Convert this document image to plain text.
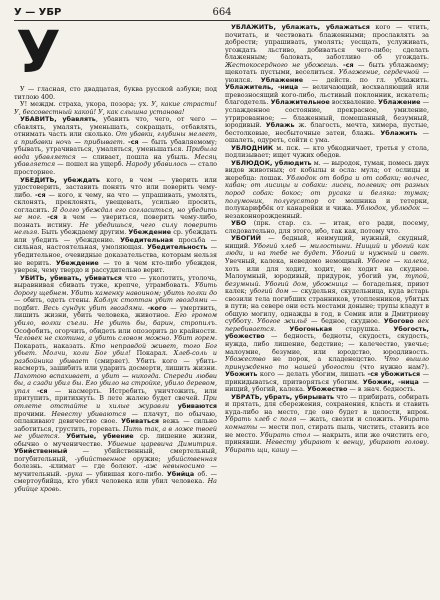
У — УБР	664
У

У — гласная, сто двадцатая, буква русской азбуки; под титлою 400.

У! междм. страха, укора, позора; ух. У, какие страсти! У, бессовестный какой! У, как слышна установа!

УБАВИТЬ, убавлять, убавить что, чего, от чего — сбавлять, умалять, уменьшать, сокращать, отбавлять, отнимать часть или сколько. От убавки, глубины мелеет, а прибавки ночь — прибывает. -ся — быть убавляемому; убывать, утрачиваться, умаляться, уменьшаться. Прибыла вода убавляется — сливает, пошла на убыль. Месяц убавляется — пошел на ущерб. Народу убавилось — стало просторнее.

УБЕДИТЬ, убеждать кого, в чем — уверить или удостоверить, заставить понять что или поверить чему-либо. -ся — кого, к чему, на что — упрашивать, умолять, склонять, преклонять, увещевать, усильно просить, согласить. Я долго убеждал его согласиться, но убедить не мог. -ся в чем — увериться, поверить чему-либо, познать истину. Не убедишься, чего силу поверить нельзя. Быть убеждаему другим. Убеждение ср. убеждать или убедить — убеждение. Убедительная просьба — сильная, настоятельная, умоляющая. Убедительность — убедительное, очевидные доказательства, которым нельзя не верить. Убеждение — то в чем кто-либо убежден, уверен, чему твердо и рассудительно верит.

УБИТЬ, убивать, убиваться что — уколотить, утолочь, выравнивая сбивать туже, крепче, утрамбовать. Убить дорогу щебнем. Убить каменку навоином; убить полки до — обить, одеть стены. Каблук стоптан убит гвоздями — подбит. Весь сундук убит гвоздями. -кого — умертвить, лишить жизни, убить человека, животное. Его громом убило, волки съели. Не убить бы, барин, стропилъ. Ософобить, огорчить, обидеть или опозорить до крайности. Человек не скотина, а убить словом можно. Убит горем. Покарать, наказать. Кто неправдой живет, того Бог убьет. Молчи, коли Бог убил! Покарал. Хлеб-соль и разбойника убивает (смиряет). Убить кого — убить-насмерть, зашибить или ударить досмерти, лишить жизни. Пахотою вспахивает, а убит — никогда. Спереди любви бы, а сзади убил бы. Его убило на стройке, убило деревом, упал -ся — насмерть. Истребить, уничтожить, или притупить, притихнуть. В лете жалею будет свечей. При отлете отстайте и хилые журавли убиваются прочими. Невесту убиваются — плачут, по обычаю, оплакивают девичество свое. Убиваться вежь — сильно заботиться, грустить, горевать. Пить так, а в ложе твоей не убиется. Убитые, убиение ср. лишение жизни, обычно о мученичестве. Убиение царевича Димитрия. Убийственный — убийственный, смертельный, погубительный, -убийственное оружие; убийственная болезнь. -климат — где болеют. -аж невыносимо — мучительный. -рука — убившая кого-либо. Убийца об. — смертоубийца, кто убил человека или убил человека. На убийце кровь.

УБЛАЖИТЬ, ублажать, ублажаться кого — чтить, почитать, и чествовать блаженными; прославлять за добрести; упрашивать, умолять; уесщать, услуживать, угождать льстиво, добиваться чего-либо; сделать блаженным; баловать, заботливо об угождать. Жестокосердного не убожешь. -ся — быть ублажаему; щекотать пустыми, веселиться. Ублажение, сердечной — уюился. Ублажение — действ. по гл. ублажить. Ублажитель, -ница — величающий, восхваляющий или превозносящий кого-либо, льстивый поклонник, искатель; благодетель. Ублажительное восхваление. Ублажение — услажденное состояние, прекрасное, умиление, утрированное; — блаженный, помешанный, безумный, юродивый. Ублажь ж. благость, мечта, химера, пустые, бестолковые, несбыточные затеи, блажь. Ублажить — ошалеть, одуреть, сойти с ума.

УБЛОДНИК м. пск. — кто убкодничает, третья у стола, подлизывает; ищет чужих обедов.

УБЛЮДОК, ублюдить м. — выродок, тумак, помесь двух видов животных; от кобылы и осла: мула; от ослицы и жеребца: лошак. Ублюдок от бобра и от собаки; волчес, кабан; от лисицы и собаки: лисец, полевик; от разных пород собак: бокос; от русака и беляка: тумак; полумоник, полугусятор от мошника и тетерки, полукарифбёк от канарейки и чижа. Ублюдок, ублюдок — незаконнорожденный.

УБО (прк. стар. сз. — итак, его ради, посему, следовательно, для этого, ибо, так как, потому что.

УБОГИЙ — бедный, неимущий, нужный, скудный, нищий. Убогий хлеб — милостыни. Нищий и убогий как люди, и на тебе не будет. Убогий и нужный и свет. Увечный, калека, неведомо немощный. Убогое — калека, хоть или для ходит, ходит, не ходит на скудное. Малоумный, юродивый, придурок, убогий ум, тупой, безумный. Убогий дом, убожница — богадельня, приют калек; убогий дом — скудельня, скудельница, куда встарь свозили тела погибших странников, утопленников, убитых в пути; на севере они есть местами доныне; трупы кладут в общую могилу, однажды в год, в Семик или в Дмитриеву субботу. Убогое жильё — бедное, скудное. Убогово век перебивается. Убогонькая старушка. Убогость, убожество — бедность, бедноты, скудость, скудость, нужда, либо лишение, бедствие; — калечество, увечье; малоумие, безумие, или юродство, юродливость. Убожество не порок, а кладенецство. Что вышло принужденно то нашей убогости (что нужно нам?). Убожить кого — делать убогим, лишать -ся убожиться — прикидываться, притворяться убогим. Убожик, -ница — нищий, убогий, калека. Убожество — в знач. бедность.

УБРАТЬ, убрать, убирывать что — прибирать, собирать и прятать, для сбережения, сохранения, класть и ставить куда-либо на место, где оно будет в целости, впрок. Убрать хлеб с поля — жать, свезти и сложить. Убирать комнаты — мести пол, стирать пыль, чистить, ставить все не место. Убирать стол — накрыть, или же очистить его, принявши. Невесту убирают к венцу, убирают голову. Убирать щи, кашу —
